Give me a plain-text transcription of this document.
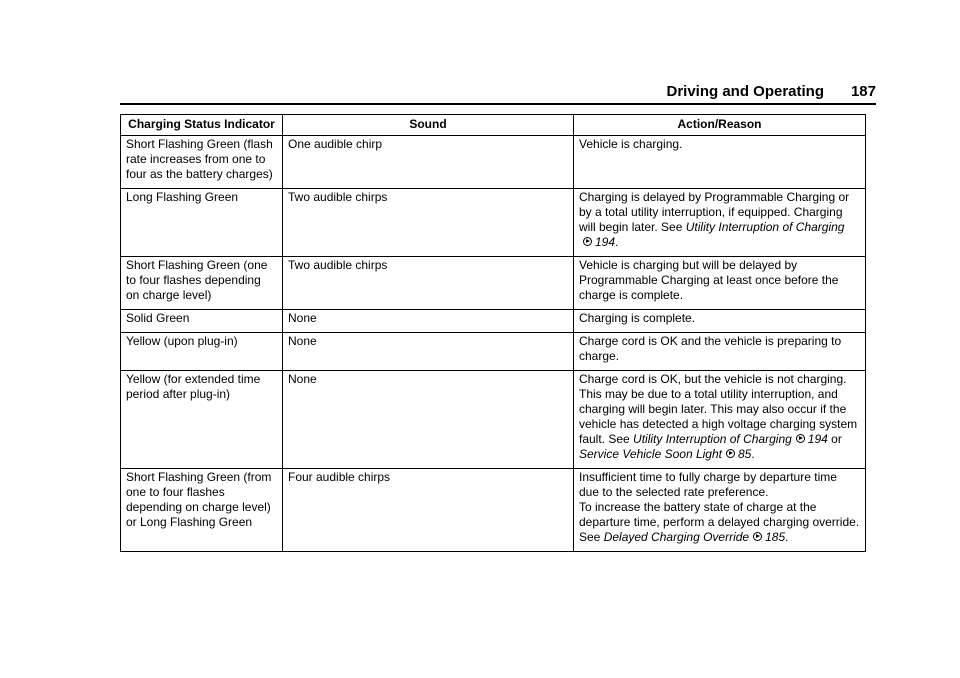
Driving and Operating 187
Charging Status Indicator	Sound	Action/Reason
Short Flashing Green (flash rate increases from one to four as the battery charges)	One audible chirp	Vehicle is charging.
Long Flashing Green	Two audible chirps	Charging is delayed by Programmable Charging or by a total utility interruption, if equipped. Charging will begin later. See Utility Interruption of Charging194.
Short Flashing Green (one to four flashes depending on charge level)	Two audible chirps	Vehicle is charging but will be delayed by Programmable Charging at least once before the charge is complete.
Solid Green	None	Charging is complete.
Yellow (upon plug-in)	None	Charge cord is OK and the vehicle is preparing to charge.
Yellow (for extended time period after plug-in)	None	Charge cord is OK, but the vehicle is not charging. This may be due to a total utility interruption, and charging will begin later. This may also occur if the vehicle has detected a high voltage charging system fault. See Utility Interruption of Charging 194 or Service Vehicle Soon Light 85.
Short Flashing Green (from one to four flashes depending on charge level) or Long Flashing Green	Four audible chirps	Insufficient time to fully charge by departure time due to the selected rate preference.
To increase the battery state of charge at the departure time, perform a delayed charging override. See Delayed Charging Override 185.
